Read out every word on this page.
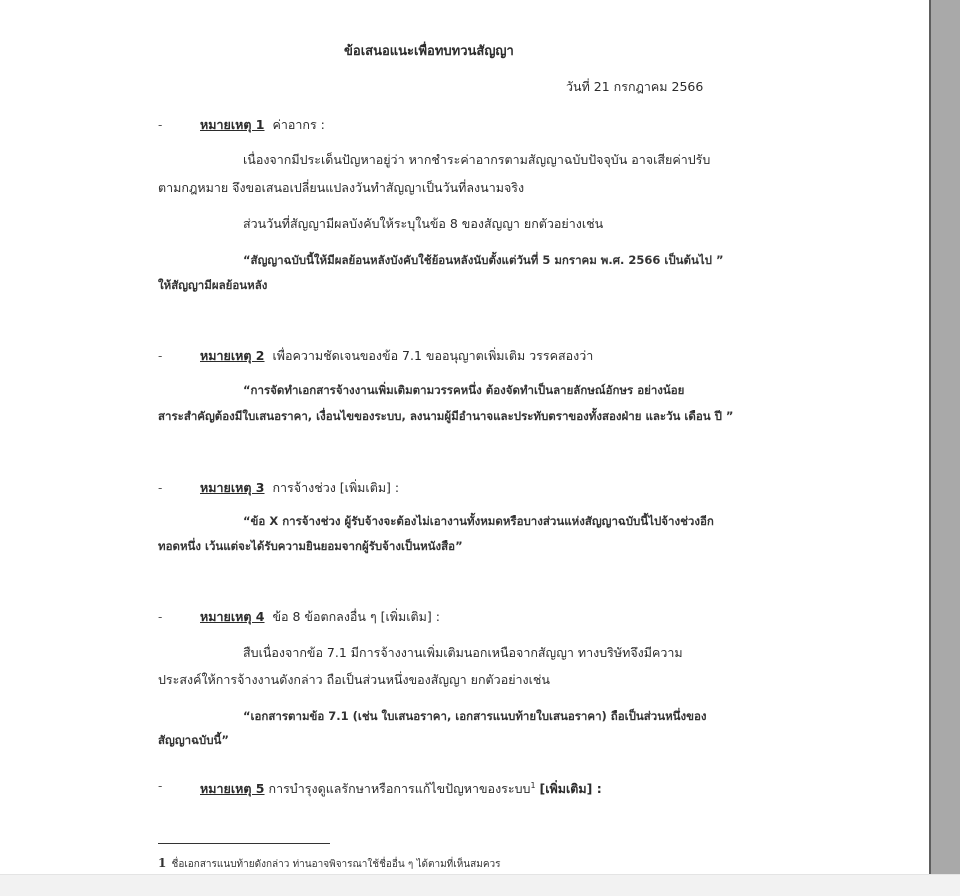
ข้อเสนอแนะเพื่อทบทวนสัญญา
วันที่ 21 กรกฎาคม 2566
-	หมายเหตุ 1 ค่าอากร :
เนื่องจากมีประเด็นปัญหาอยู่ว่า หากชำระค่าอากรตามสัญญาฉบับปัจจุบัน อาจเสียค่าปรับ
ตามกฎหมาย จึงขอเสนอเปลี่ยนแปลงวันทำสัญญาเป็นวันที่ลงนามจริง
ส่วนวันที่สัญญามีผลบังคับให้ระบุในข้อ 8 ของสัญญา ยกตัวอย่างเช่น
“สัญญาฉบับนี้ให้มีผลย้อนหลังบังคับใช้ย้อนหลังนับตั้งแต่วันที่ 5 มกราคม พ.ศ. 2566 เป็นต้นไป ”
ให้สัญญามีผลย้อนหลัง
-	หมายเหตุ 2 เพื่อความชัดเจนของข้อ 7.1 ขออนุญาตเพิ่มเติม วรรคสองว่า
“การจัดทำเอกสารจ้างงานเพิ่มเติมตามวรรคหนึ่ง ต้องจัดทำเป็นลายลักษณ์อักษร อย่างน้อย
สาระสำคัญต้องมีใบเสนอราคา, เงื่อนไขของระบบ, ลงนามผู้มีอำนาจและประทับตราของทั้งสองฝ่าย และวัน เดือน ปี ”
-	หมายเหตุ 3 การจ้างช่วง [เพิ่มเติม] :
“ข้อ X การจ้างช่วง ผู้รับจ้างจะต้องไม่เอางานทั้งหมดหรือบางส่วนแห่งสัญญาฉบับนี้ไปจ้างช่วงอีก
ทอดหนึ่ง เว้นแต่จะได้รับความยินยอมจากผู้รับจ้างเป็นหนังสือ”
-	หมายเหตุ 4 ข้อ 8 ข้อตกลงอื่น ๆ [เพิ่มเติม] :
สืบเนื่องจากข้อ 7.1 มีการจ้างงานเพิ่มเติมนอกเหนือจากสัญญา ทางบริษัทจึงมีความ
ประสงค์ให้การจ้างงานดังกล่าว ถือเป็นส่วนหนึ่งของสัญญา ยกตัวอย่างเช่น
“เอกสารตามข้อ 7.1 (เช่น ใบเสนอราคา, เอกสารแนบท้ายใบเสนอราคา) ถือเป็นส่วนหนึ่งของ
สัญญาฉบับนี้”
-	หมายเหตุ 5 การบำรุงดูแลรักษาหรือการแก้ไขปัญหาของระบบ$^1$ [เพิ่มเติม] :
1 ชื่อเอกสารแนบท้ายดังกล่าว ท่านอาจพิจารณาใช้ชื่ออื่น ๆ ได้ตามที่เห็นสมควร
